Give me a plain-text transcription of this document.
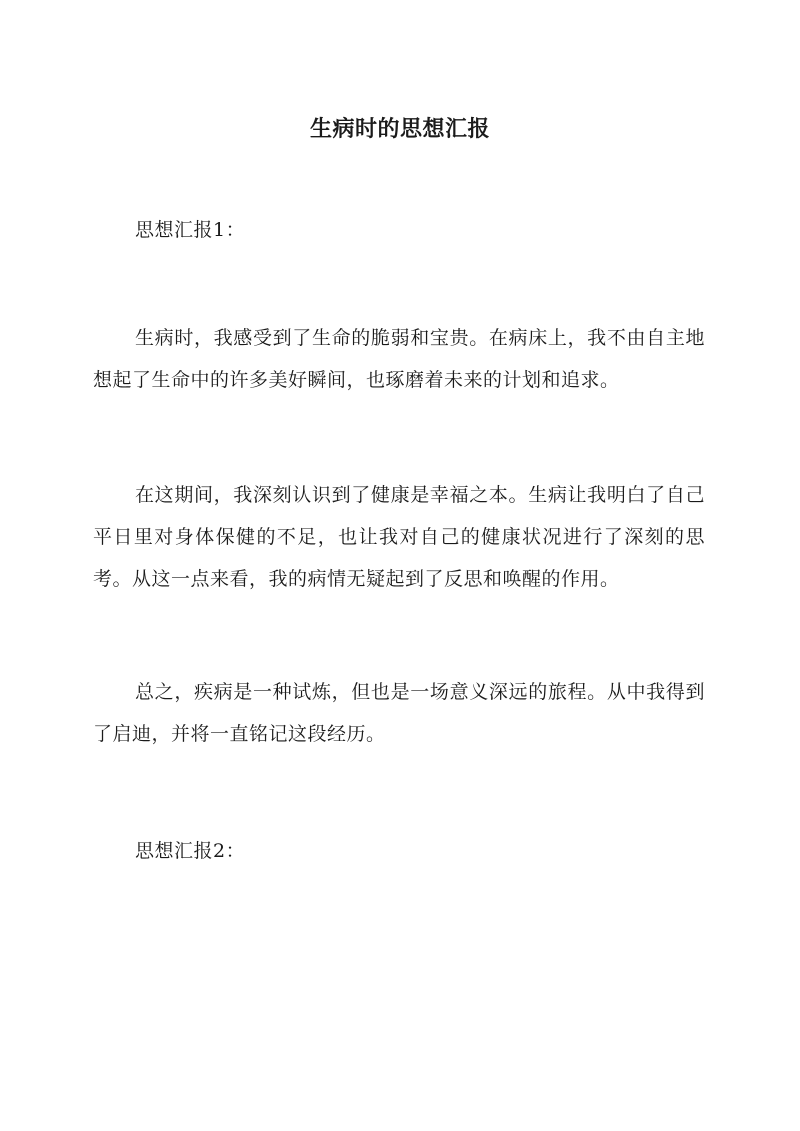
生病时的思想汇报

思想汇报1：

生病时，我感受到了生命的脆弱和宝贵。在病床上，我不由自主地想起了生命中的许多美好瞬间，也琢磨着未来的计划和追求。

在这期间，我深刻认识到了健康是幸福之本。生病让我明白了自己平日里对身体保健的不足，也让我对自己的健康状况进行了深刻的思考。从这一点来看，我的病情无疑起到了反思和唤醒的作用。

总之，疾病是一种试炼，但也是一场意义深远的旅程。从中我得到了启迪，并将一直铭记这段经历。

思想汇报2：
